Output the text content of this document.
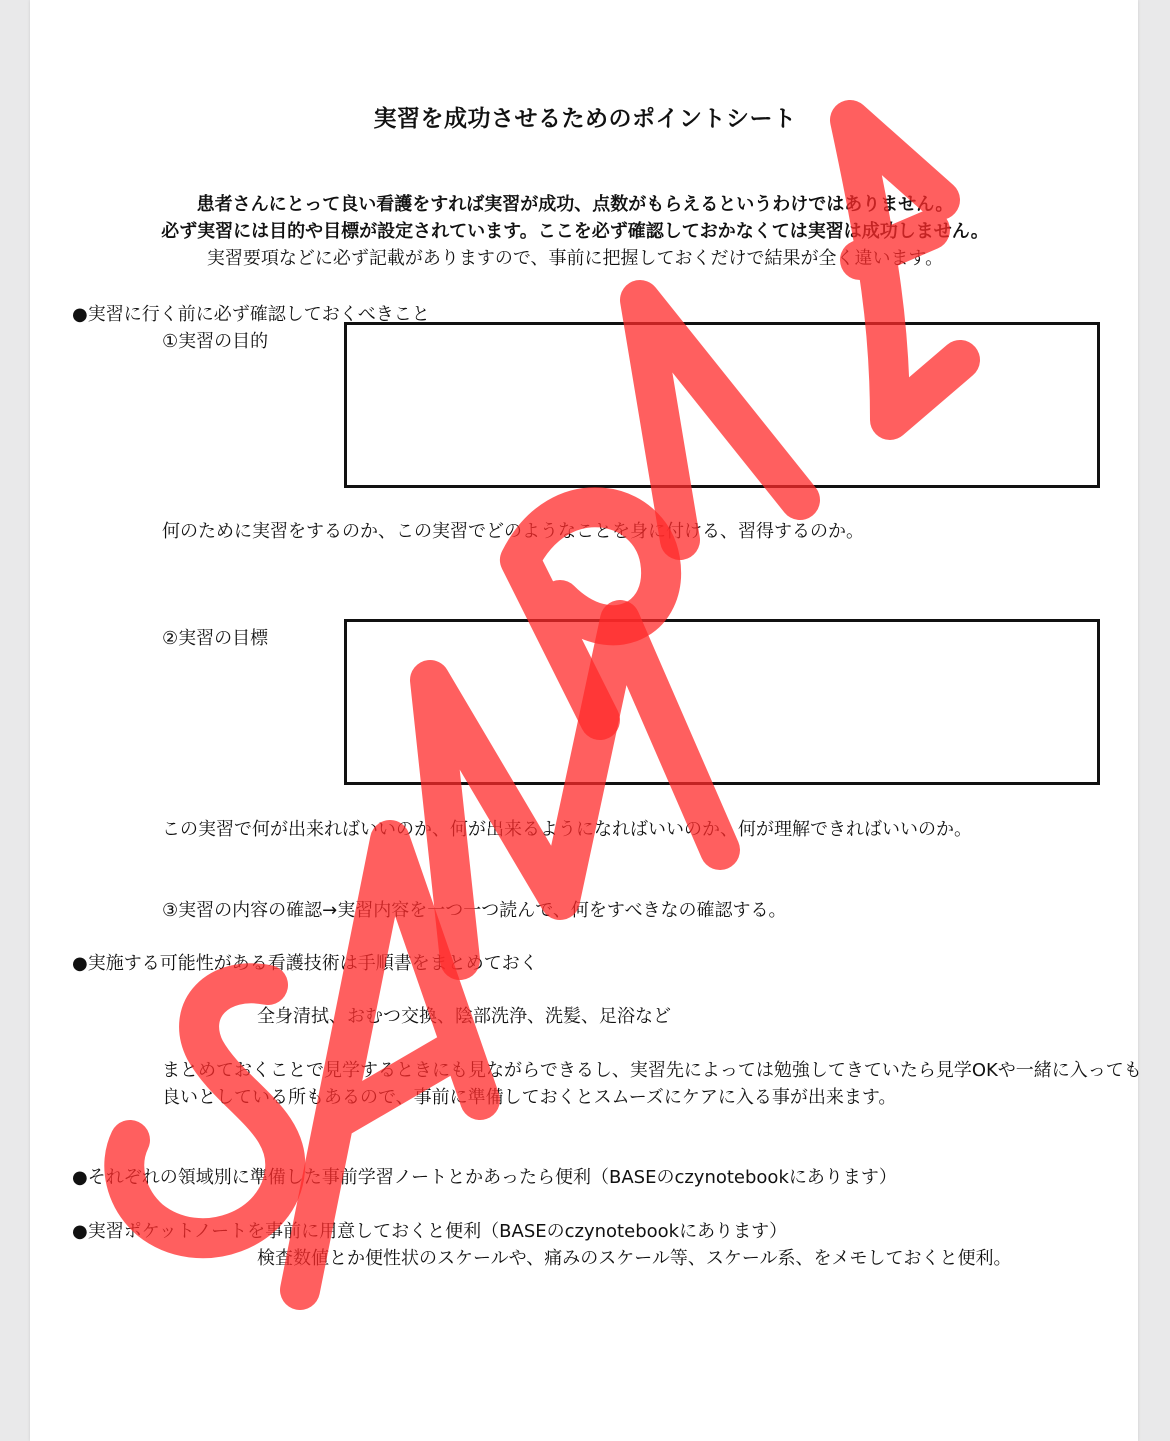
実習を成功させるためのポイントシート
患者さんにとって良い看護をすれば実習が成功、点数がもらえるというわけではありません。
必ず実習には目的や目標が設定されています。ここを必ず確認しておかなくては実習は成功しません。
実習要項などに必ず記載がありますので、事前に把握しておくだけで結果が全く違います。
●実習に行く前に必ず確認しておくべきこと
①実習の目的
何のために実習をするのか、この実習でどのようなことを身に付ける、習得するのか。
②実習の目標
この実習で何が出来ればいいのか、何が出来るようになればいいのか、何が理解できればいいのか。
③実習の内容の確認→実習内容を一つ一つ読んで、何をすべきなの確認する。
●実施する可能性がある看護技術は手順書をまとめておく
全身清拭、おむつ交換、陰部洗浄、洗髪、足浴など
まとめておくことで見学するときにも見ながらできるし、実習先によっては勉強してきていたら見学OKや一緒に入っても
良いとしている所もあるので、事前に準備しておくとスムーズにケアに入る事が出来ます。
●それぞれの領域別に準備した事前学習ノートとかあったら便利（BASEのczynotebookにあります）
●実習ポケットノートを事前に用意しておくと便利（BASEのczynotebookにあります）
検査数値とか便性状のスケールや、痛みのスケール等、スケール系、をメモしておくと便利。
